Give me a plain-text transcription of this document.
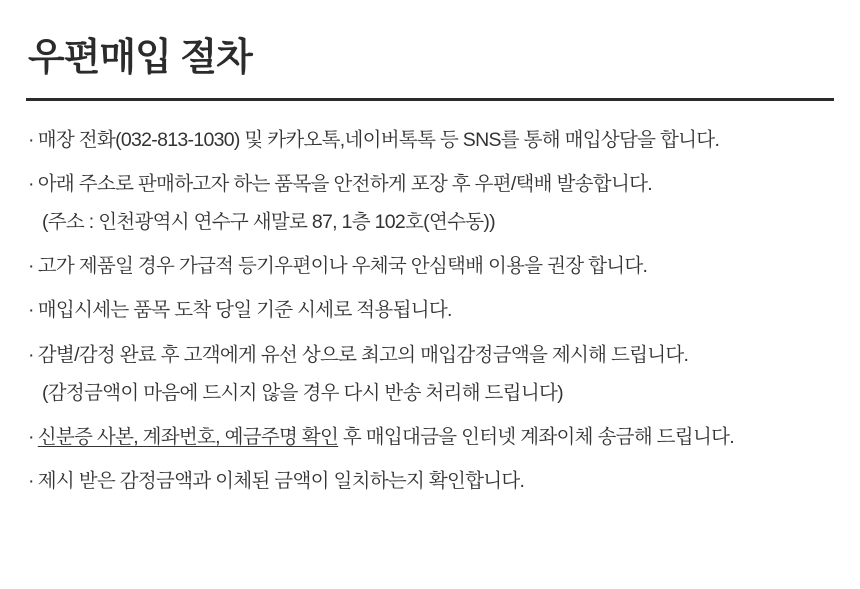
우편매입 절차
· 매장 전화(032-813-1030) 및 카카오톡,네이버톡톡 등 SNS를 통해 매입상담을 합니다.
· 아래 주소로 판매하고자 하는 품목을 안전하게 포장 후 우편/택배 발송합니다.
(주소 : 인천광역시 연수구 새말로 87, 1층 102호(연수동))
· 고가 제품일 경우 가급적 등기우편이나 우체국 안심택배 이용을 권장 합니다.
· 매입시세는 품목 도착 당일 기준 시세로 적용됩니다.
· 감별/감정 완료 후 고객에게 유선 상으로 최고의 매입감정금액을 제시해 드립니다.
(감정금액이 마음에 드시지 않을 경우 다시 반송 처리해 드립니다)
· 신분증 사본, 계좌번호, 예금주명 확인 후 매입대금을 인터넷 계좌이체 송금해 드립니다.
· 제시 받은 감정금액과 이체된 금액이 일치하는지 확인합니다.
